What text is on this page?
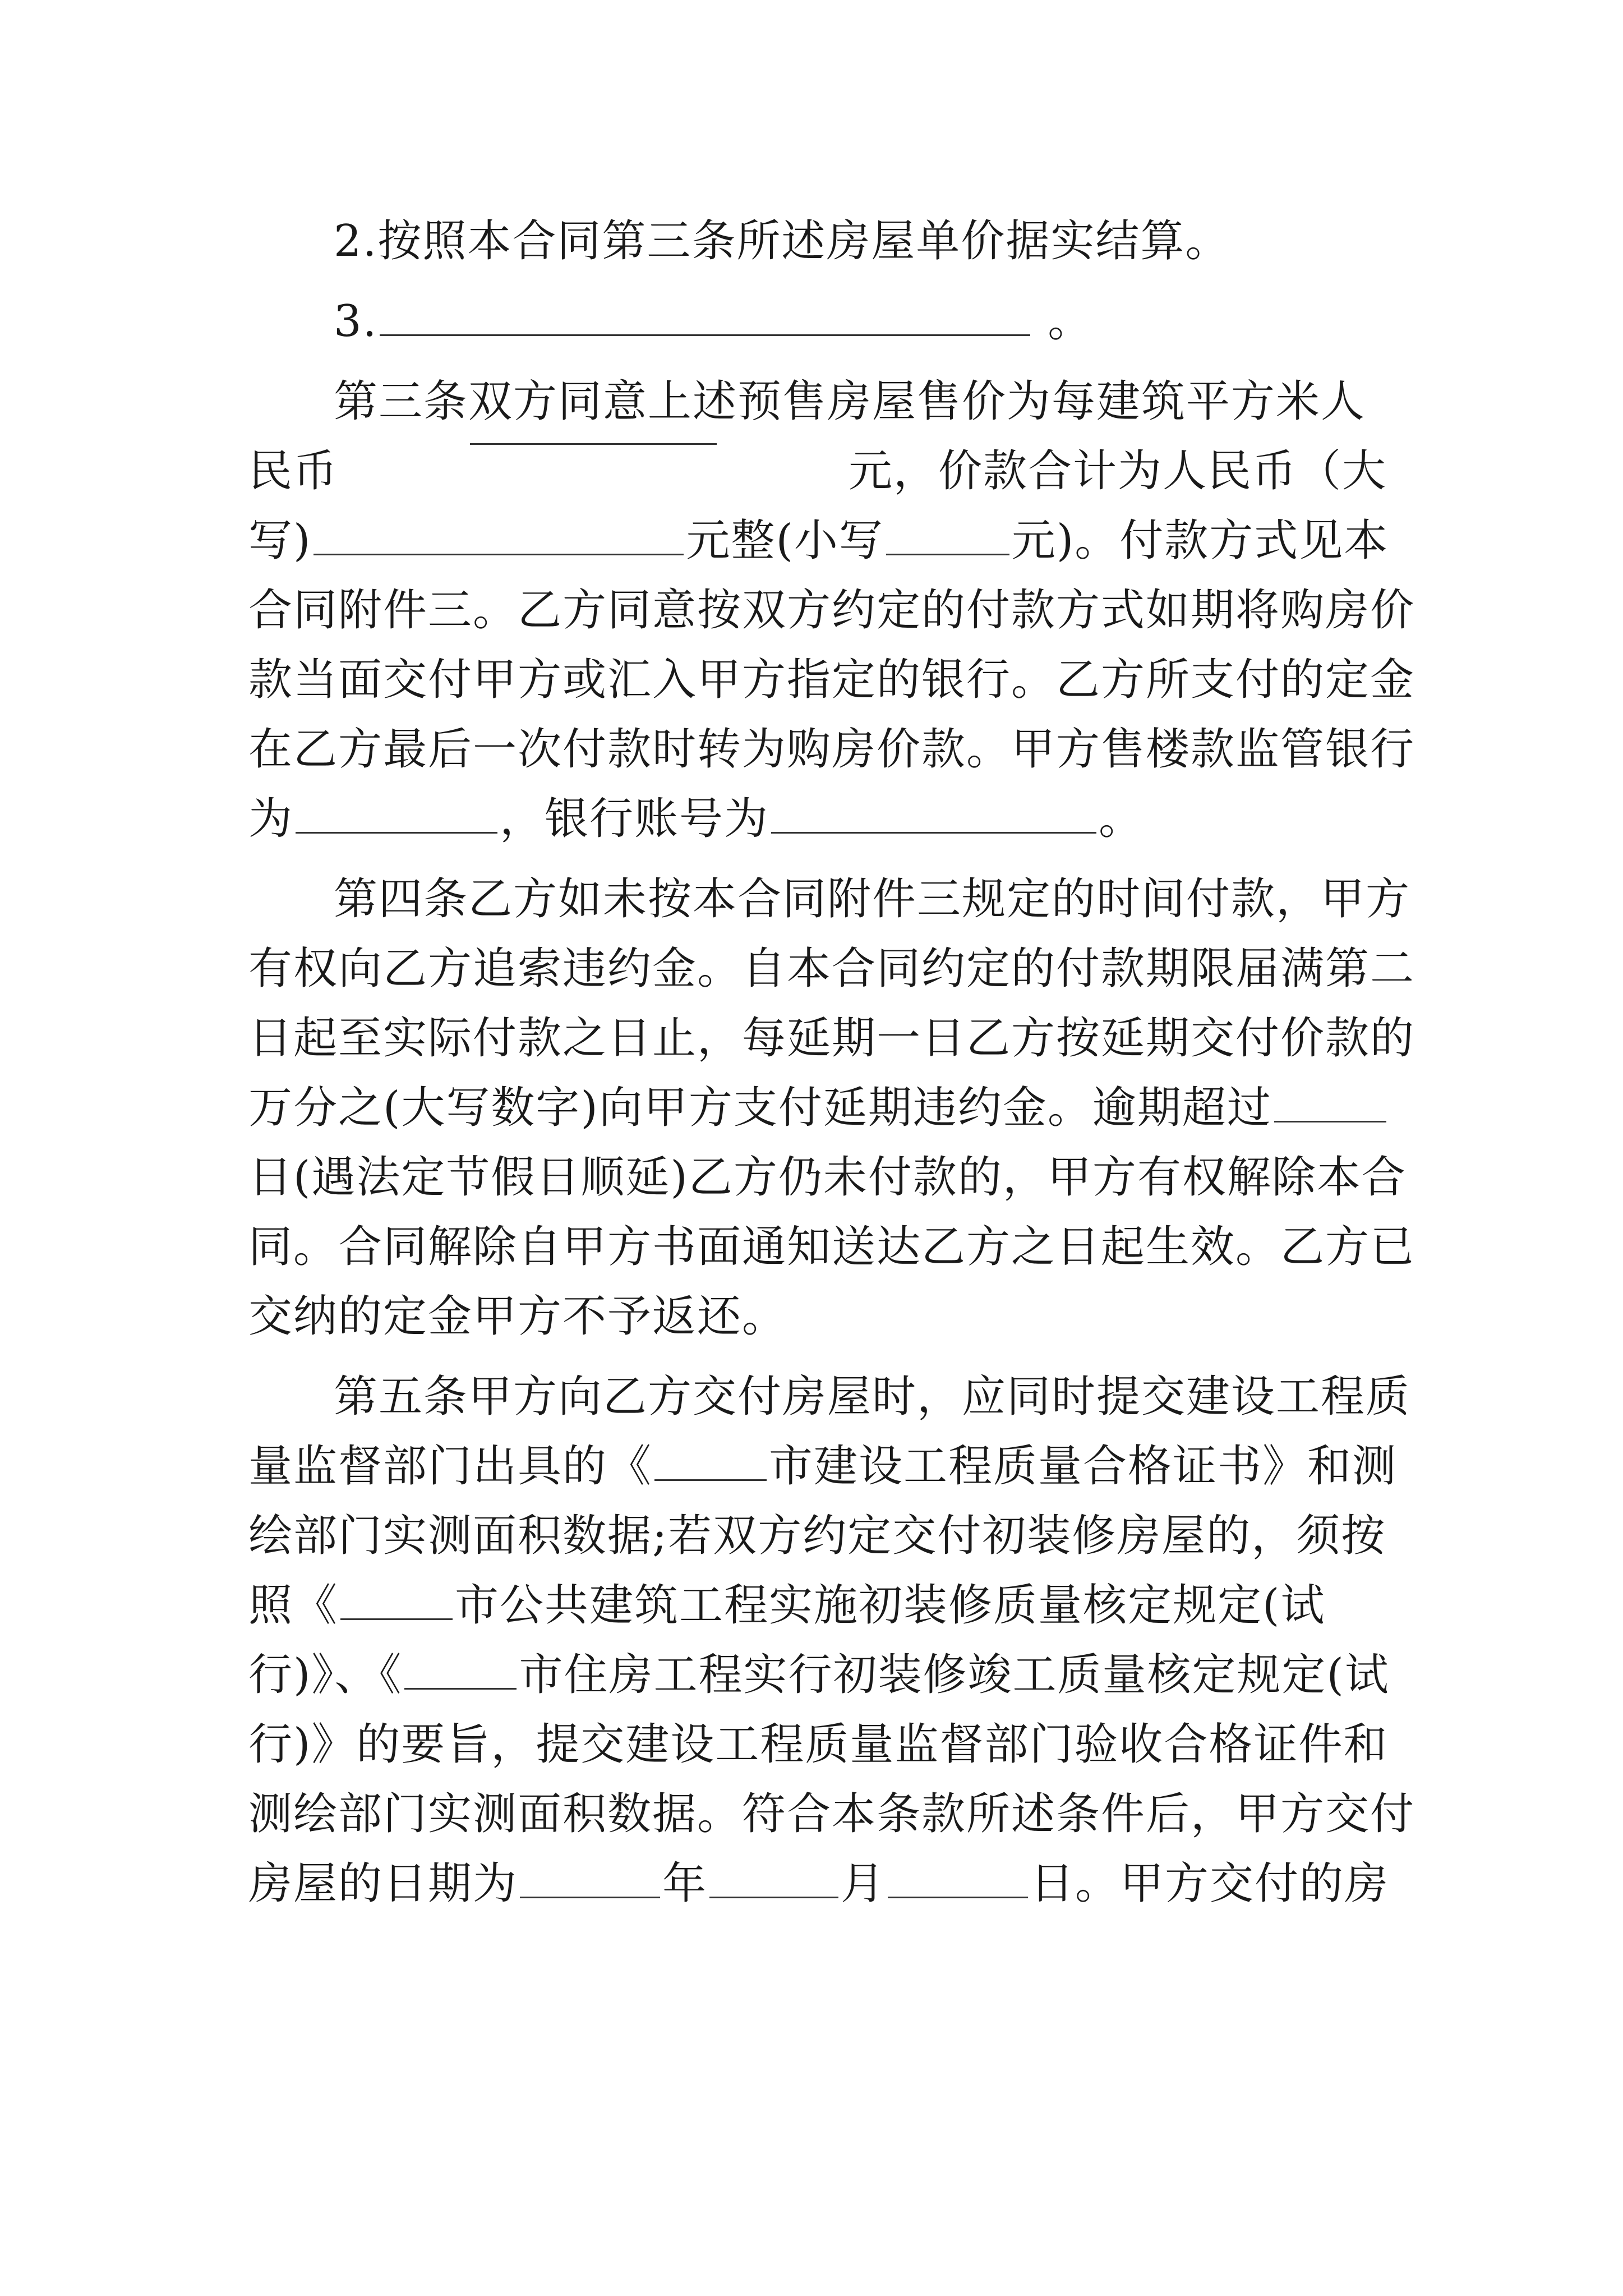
2.按照本合同第三条所述房屋单价据实结算。
3.	。
第三条双方同意上述预售房屋售价为每建筑平方米人
民币	元，价款合计为人民币（大
写)	元整(小写	元)。付款方式见本
合同附件三。乙方同意按双方约定的付款方式如期将购房价
款当面交付甲方或汇入甲方指定的银行。乙方所支付的定金
在乙方最后一次付款时转为购房价款。甲方售楼款监管银行
为	，银行账号为	。
第四条乙方如未按本合同附件三规定的时间付款，甲方
有权向乙方追索违约金。自本合同约定的付款期限届满第二
日起至实际付款之日止，每延期一日乙方按延期交付价款的
万分之(大写数字)向甲方支付延期违约金。逾期超过
日(遇法定节假日顺延)乙方仍未付款的，甲方有权解除本合
同。合同解除自甲方书面通知送达乙方之日起生效。乙方已
交纳的定金甲方不予返还。
第五条甲方向乙方交付房屋时，应同时提交建设工程质
量监督部门出具的《	市建设工程质量合格证书》和测
绘部门实测面积数据;若双方约定交付初装修房屋的，须按
照《	市公共建筑工程实施初装修质量核定规定(试
行)》、《	市住房工程实行初装修竣工质量核定规定(试
行)》的要旨，提交建设工程质量监督部门验收合格证件和
测绘部门实测面积数据。符合本条款所述条件后，甲方交付
房屋的日期为	年	月	日。甲方交付的房
